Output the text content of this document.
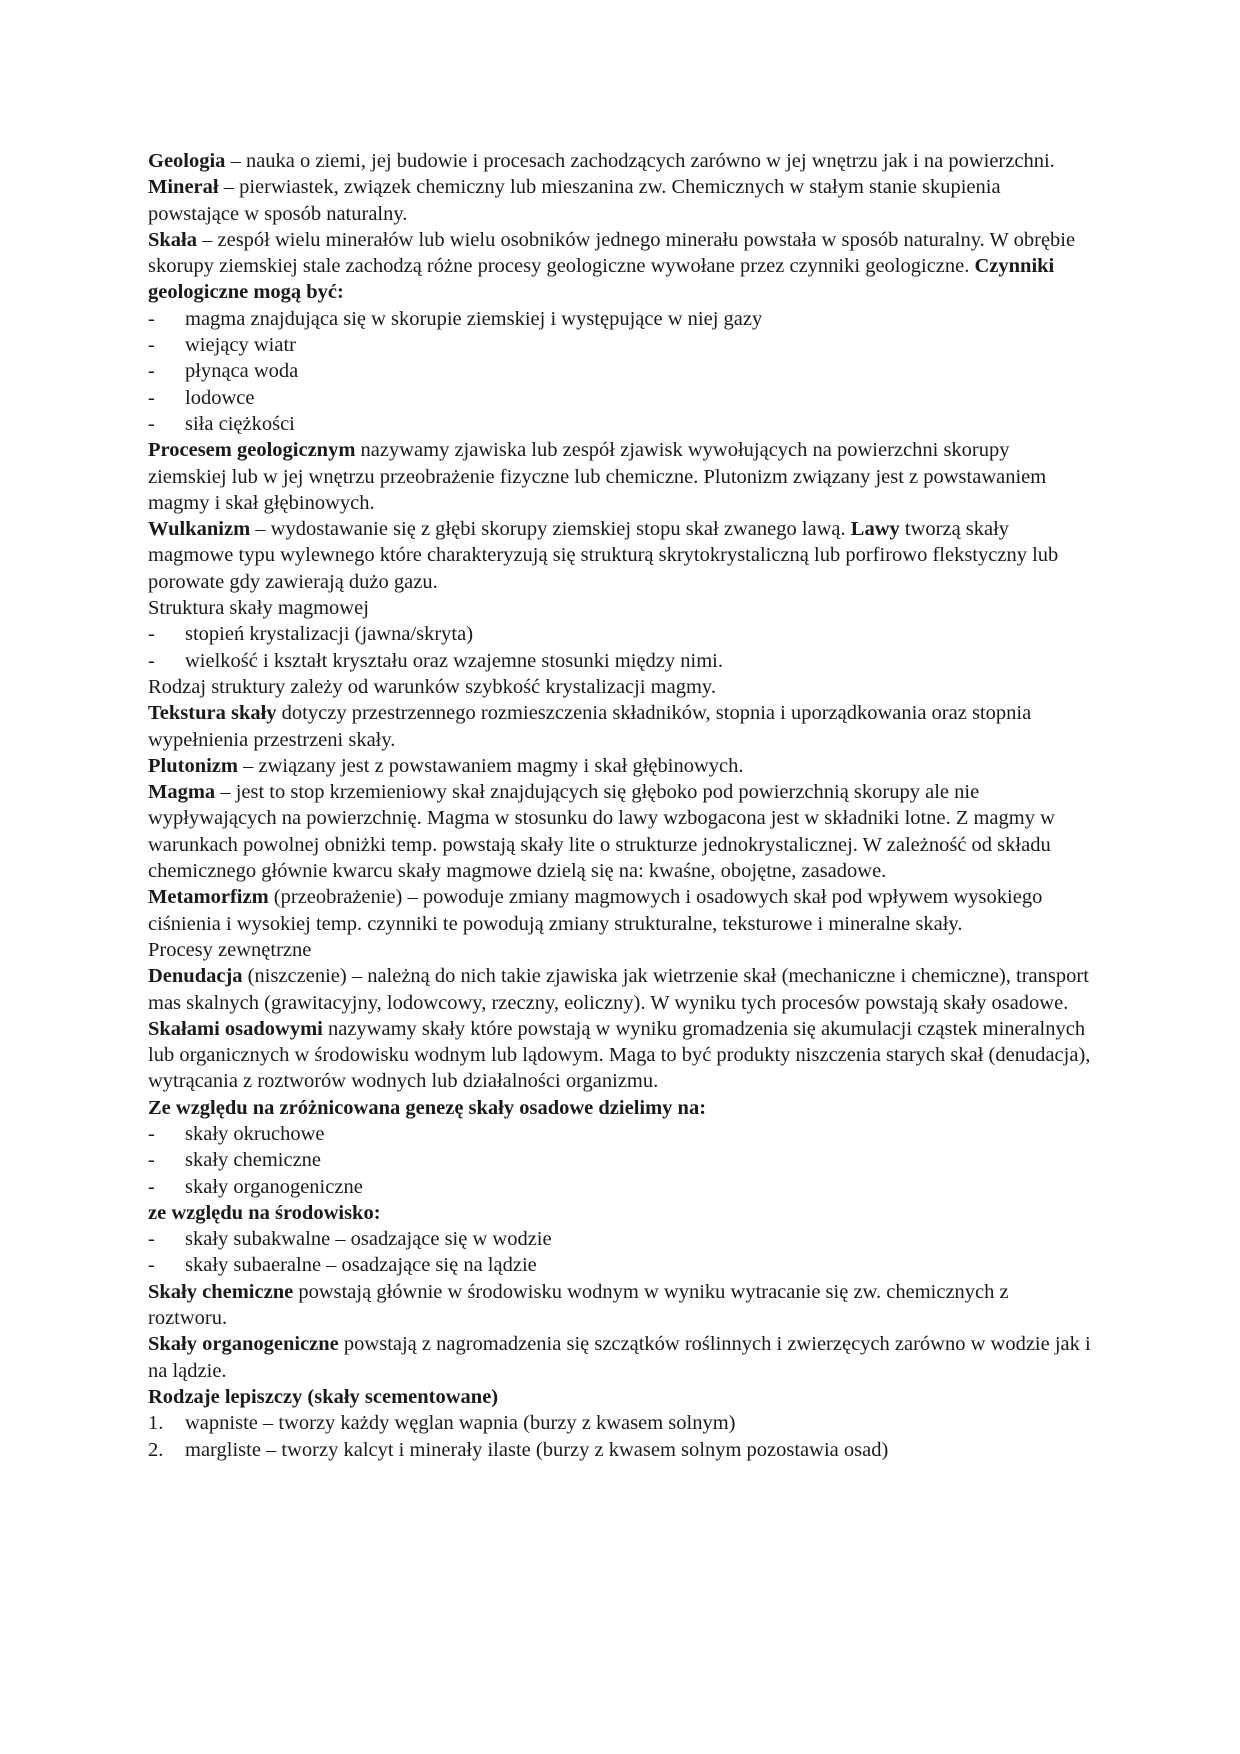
Geologia – nauka o ziemi, jej budowie i procesach zachodzących zarówno w jej wnętrzu jak i na powierzchni.

Minerał – pierwiastek, związek chemiczny lub mieszanina zw. Chemicznych w stałym stanie skupienia powstające w sposób naturalny.

Skała – zespół wielu minerałów lub wielu osobników jednego minerału powstała w sposób naturalny. W obrębie skorupy ziemskiej stale zachodzą różne procesy geologiczne wywołane przez czynniki geologiczne. Czynniki geologiczne mogą być:

-	magma znajdująca się w skorupie ziemskiej i występujące w niej gazy
-	wiejący wiatr
-	płynąca woda
-	lodowce
-	siła ciężkości

Procesem geologicznym nazywamy zjawiska lub zespół zjawisk wywołujących na powierzchni skorupy ziemskiej lub w jej wnętrzu przeobrażenie fizyczne lub chemiczne. Plutonizm związany jest z powstawaniem magmy i skał głębinowych.

Wulkanizm – wydostawanie się z głębi skorupy ziemskiej stopu skał zwanego lawą. Lawy tworzą skały magmowe typu wylewnego które charakteryzują się strukturą skrytokrystaliczną lub porfirowo flekstyczny lub porowate gdy zawierają dużo gazu.

Struktura skały magmowej

-	stopień krystalizacji (jawna/skryta)
-	wielkość i kształt kryształu oraz wzajemne stosunki między nimi.

Rodzaj struktury zależy od warunków szybkość krystalizacji magmy.

Tekstura skały dotyczy przestrzennego rozmieszczenia składników, stopnia i uporządkowania oraz stopnia wypełnienia przestrzeni skały.

Plutonizm – związany jest z powstawaniem magmy i skał głębinowych.

Magma – jest to stop krzemieniowy skał znajdujących się głęboko pod powierzchnią skorupy ale nie wypływających na powierzchnię. Magma w stosunku do lawy wzbogacona jest w składniki lotne. Z magmy w warunkach powolnej obniżki temp. powstają skały lite o strukturze jednokrystalicznej. W zależność od składu chemicznego głównie kwarcu skały magmowe dzielą się na: kwaśne, obojętne, zasadowe.

Metamorfizm (przeobrażenie) – powoduje zmiany magmowych i osadowych skał pod wpływem wysokiego ciśnienia i wysokiej temp. czynniki te powodują zmiany strukturalne, teksturowe i mineralne skały.

Procesy zewnętrzne

Denudacja (niszczenie) – należną do nich takie zjawiska jak wietrzenie skał (mechaniczne i chemiczne), transport mas skalnych (grawitacyjny, lodowcowy, rzeczny, eoliczny). W wyniku tych procesów powstają skały osadowe.

Skałami osadowymi nazywamy skały które powstają w wyniku gromadzenia się akumulacji cząstek mineralnych lub organicznych w środowisku wodnym lub lądowym. Maga to być produkty niszczenia starych skał (denudacja), wytrącania z roztworów wodnych lub działalności organizmu.

Ze względu na zróżnicowana genezę skały osadowe dzielimy na:

-	skały okruchowe
-	skały chemiczne
-	skały organogeniczne

ze względu na środowisko:

-	skały subakwalne – osadzające się w wodzie
-	skały subaeralne – osadzające się na lądzie

Skały chemiczne powstają głównie w środowisku wodnym w wyniku wytracanie się zw. chemicznych z roztworu.

Skały organogeniczne powstają z nagromadzenia się szczątków roślinnych i zwierzęcych zarówno w wodzie jak i na lądzie.

Rodzaje lepiszczy (skały scementowane)

1.	wapniste – tworzy każdy węglan wapnia (burzy z kwasem solnym)
2.	margliste – tworzy kalcyt i minerały ilaste (burzy z kwasem solnym pozostawia osad)
